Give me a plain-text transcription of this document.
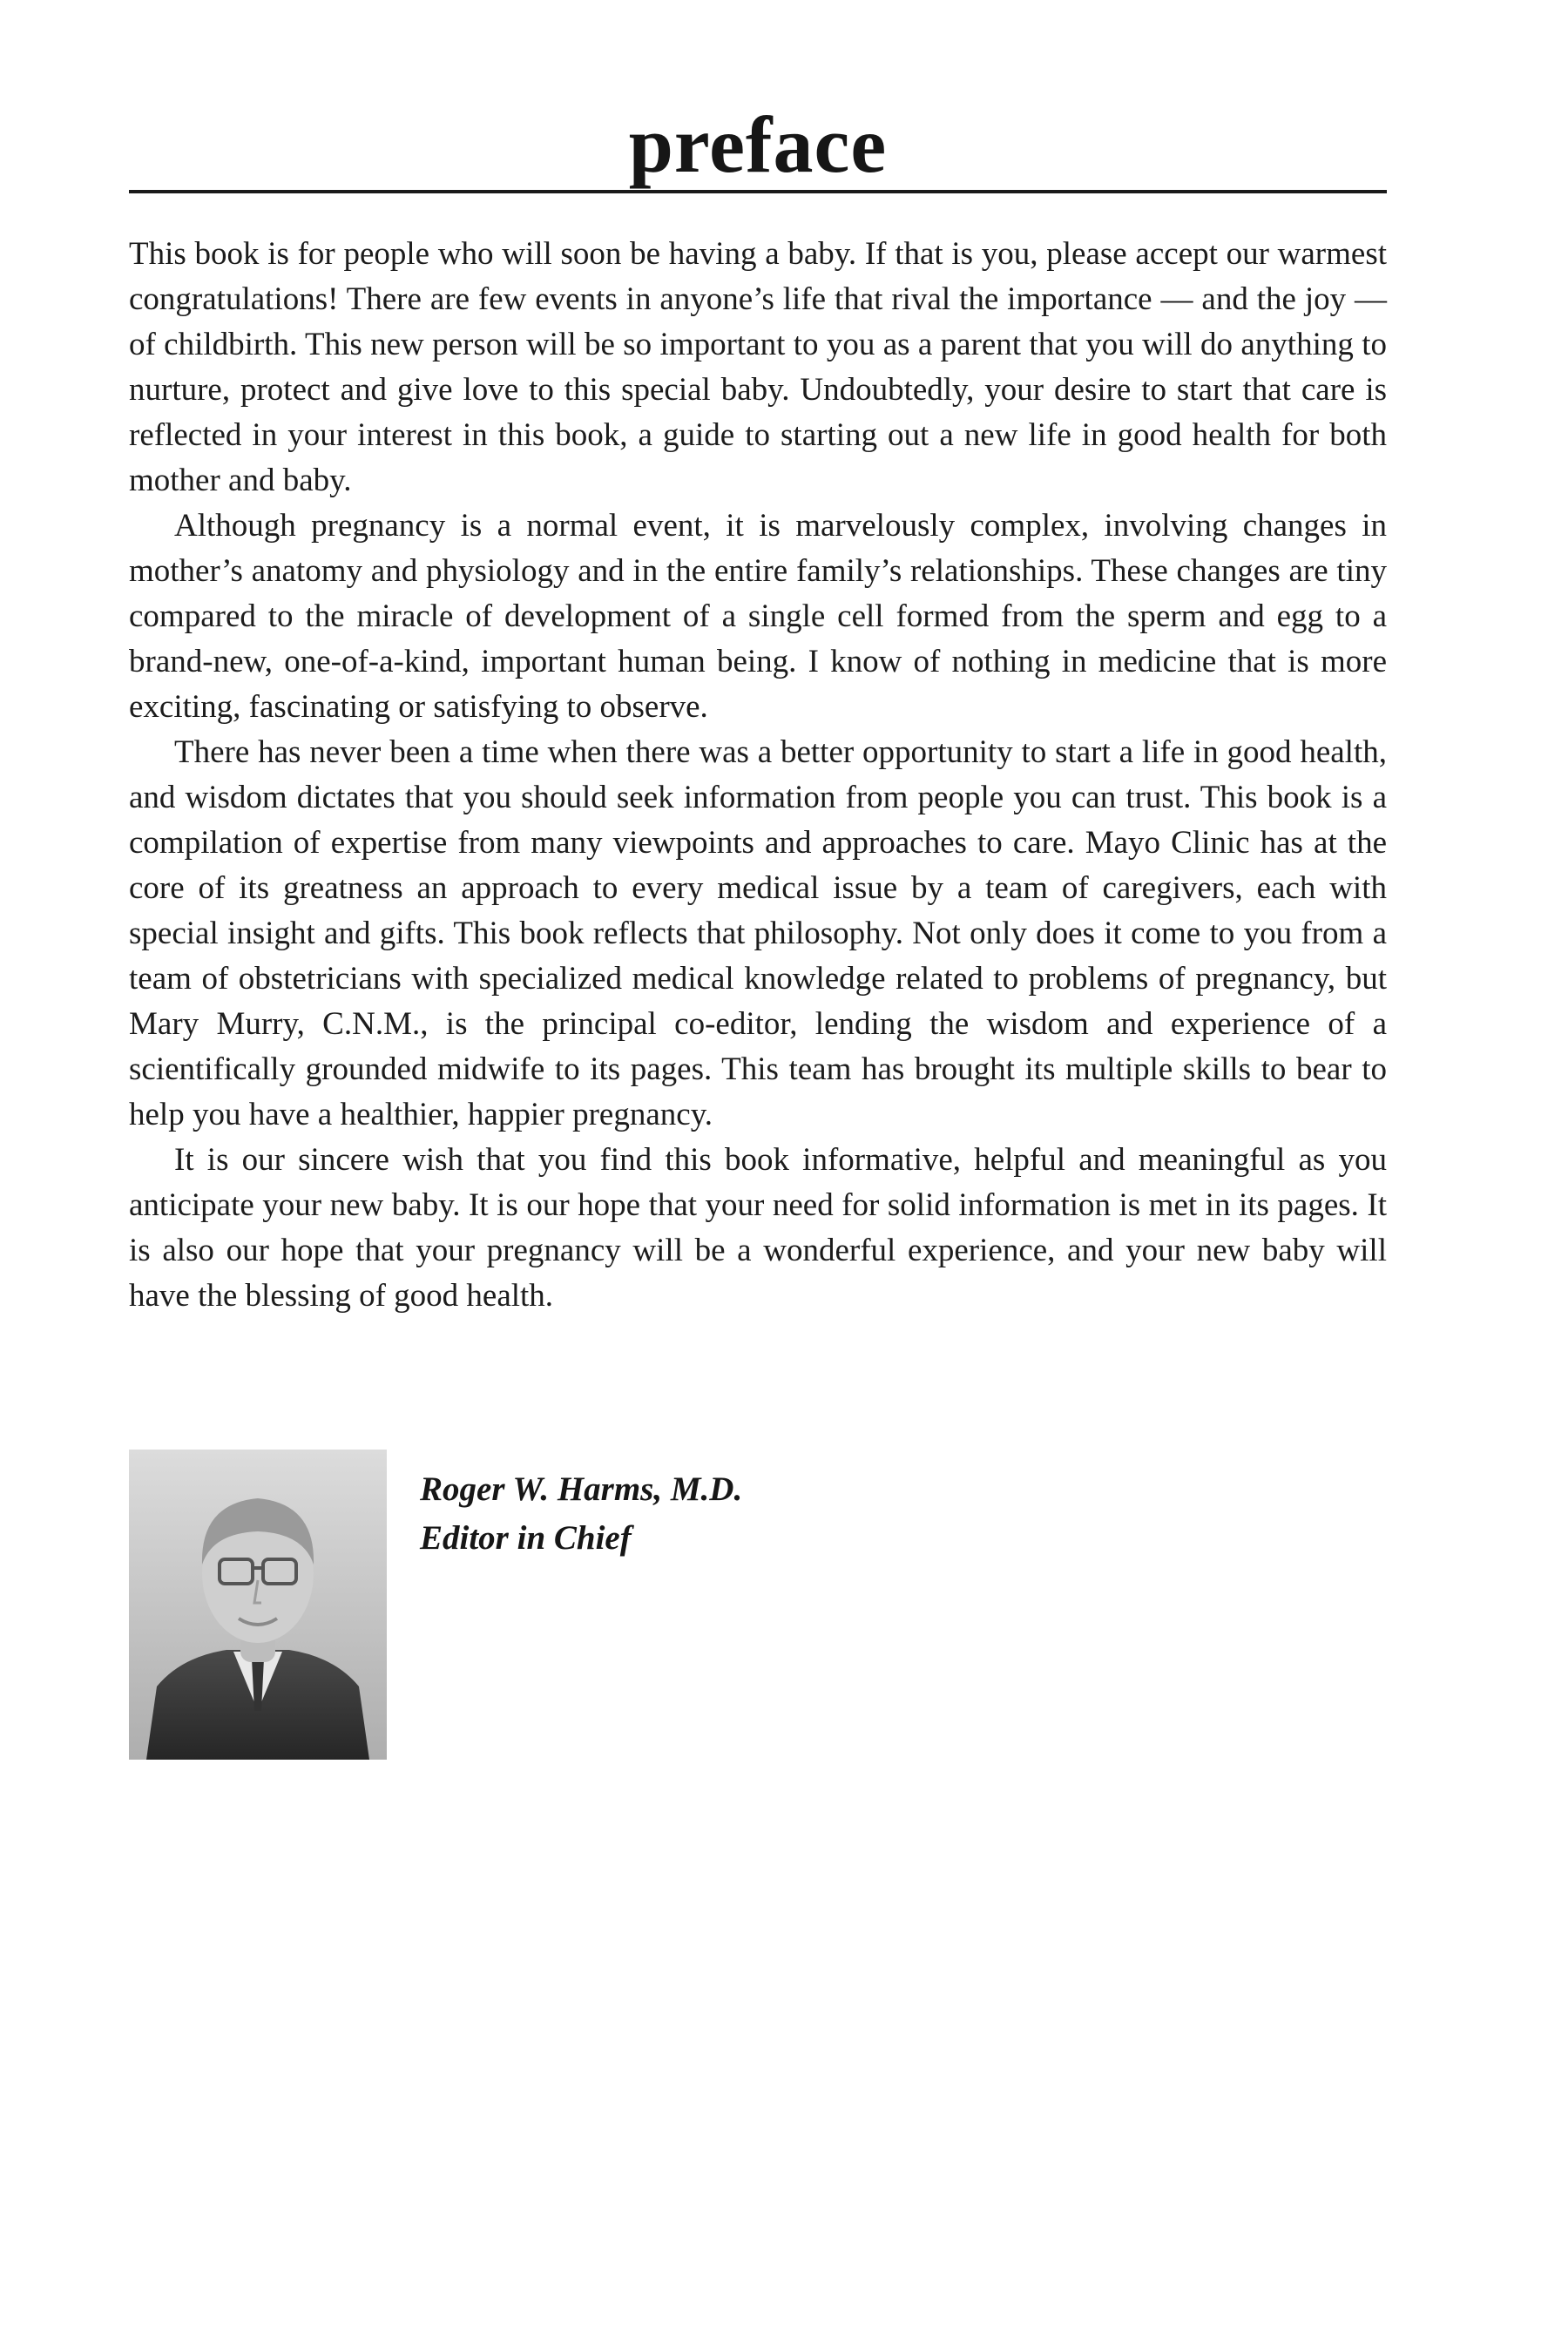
preface

This book is for people who will soon be having a baby. If that is you, please accept our warmest congratulations! There are few events in anyone’s life that rival the importance — and the joy — of childbirth. This new person will be so important to you as a parent that you will do anything to nurture, protect and give love to this special baby. Undoubtedly, your desire to start that care is reflected in your interest in this book, a guide to starting out a new life in good health for both mother and baby.

Although pregnancy is a normal event, it is marvelously complex, involving changes in mother’s anatomy and physiology and in the entire family’s relationships. These changes are tiny compared to the miracle of development of a single cell formed from the sperm and egg to a brand-new, one-of-a-kind, important human being. I know of nothing in medicine that is more exciting, fascinating or satisfying to observe.

There has never been a time when there was a better opportunity to start a life in good health, and wisdom dictates that you should seek information from people you can trust. This book is a compilation of expertise from many viewpoints and approaches to care. Mayo Clinic has at the core of its greatness an approach to every medical issue by a team of caregivers, each with special insight and gifts. This book reflects that philosophy. Not only does it come to you from a team of obstetricians with specialized medical knowledge related to problems of pregnancy, but Mary Murry, C.N.M., is the principal co-editor, lending the wisdom and experience of a scientifically grounded midwife to its pages. This team has brought its multiple skills to bear to help you have a healthier, happier pregnancy.

It is our sincere wish that you find this book informative, helpful and meaningful as you anticipate your new baby. It is our hope that your need for solid information is met in its pages. It is also our hope that your pregnancy will be a wonderful experience, and your new baby will have the blessing of good health.

Roger W. Harms, M.D.
Editor in Chief
